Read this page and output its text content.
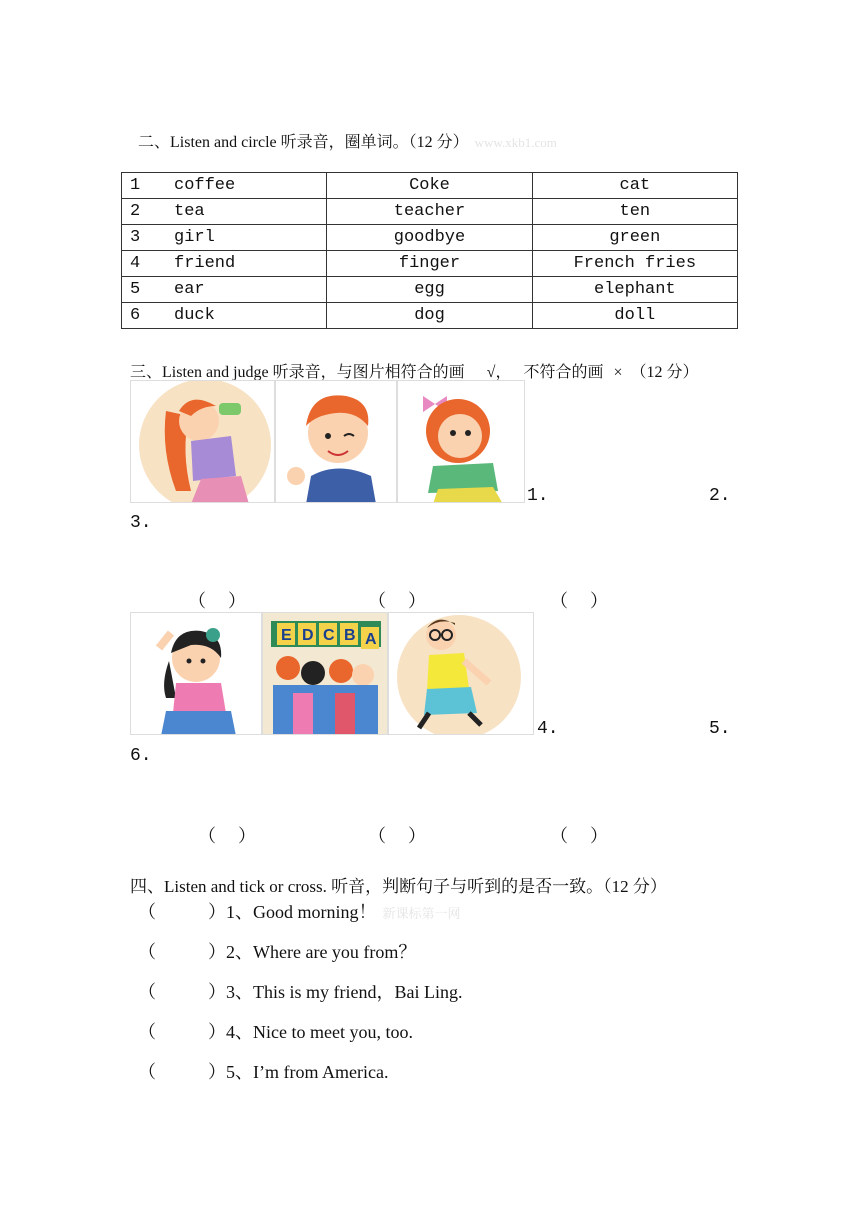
二、Listen and circle 听录音，圈单词。（12 分） www.xkb1.com
1 coffee	Coke	cat
2 tea	teacher	ten
3 girl	goodbye	green
4 friend	finger	French fries
5 ear	egg	elephant
6 duck	dog	doll
三、Listen and judge 听录音，与图片相符合的画 √， 不符合的画 × （12 分）
1.	2.
3.
（　）	（　）	（　）
E D C B A
4.	5.
6.
（　）	（　）	（　）
四、Listen and tick or cross. 听音，判断句子与听到的是否一致。（12 分）
（	）1、Good morning！ 新课标第一网
（	）2、Where are you from？
（	）3、This is my friend，Bai Ling.
（	）4、Nice to meet you, too.
（	）5、I’m from America.
